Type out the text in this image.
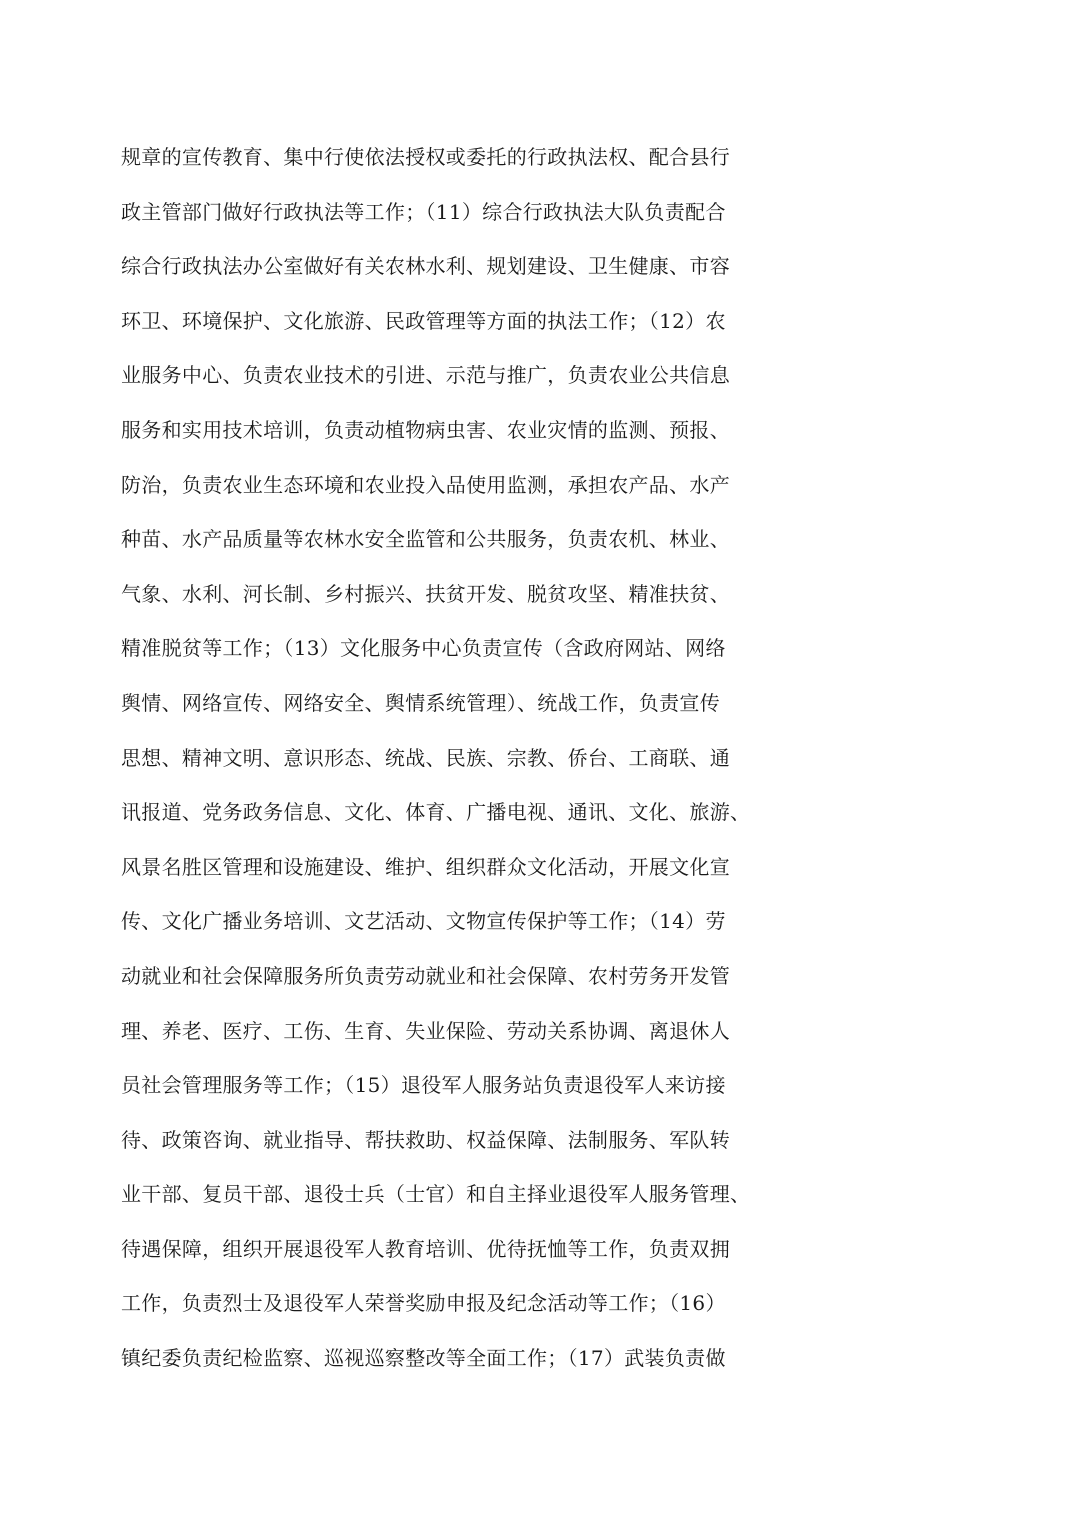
规章的宣传教育、集中行使依法授权或委托的行政执法权、配合县行
政主管部门做好行政执法等工作；（11）综合行政执法大队负责配合
综合行政执法办公室做好有关农林水利、规划建设、卫生健康、市容
环卫、环境保护、文化旅游、民政管理等方面的执法工作；（12）农
业服务中心、负责农业技术的引进、示范与推广，负责农业公共信息
服务和实用技术培训，负责动植物病虫害、农业灾情的监测、预报、
防治，负责农业生态环境和农业投入品使用监测，承担农产品、水产
种苗、水产品质量等农林水安全监管和公共服务，负责农机、林业、
气象、水利、河长制、乡村振兴、扶贫开发、脱贫攻坚、精准扶贫、
精准脱贫等工作；（13）文化服务中心负责宣传（含政府网站、网络
舆情、网络宣传、网络安全、舆情系统管理）、统战工作，负责宣传
思想、精神文明、意识形态、统战、民族、宗教、侨台、工商联、通
讯报道、党务政务信息、文化、体育、广播电视、通讯、文化、旅游、
风景名胜区管理和设施建设、维护、组织群众文化活动，开展文化宣
传、文化广播业务培训、文艺活动、文物宣传保护等工作；（14）劳
动就业和社会保障服务所负责劳动就业和社会保障、农村劳务开发管
理、养老、医疗、工伤、生育、失业保险、劳动关系协调、离退休人
员社会管理服务等工作；（15）退役军人服务站负责退役军人来访接
待、政策咨询、就业指导、帮扶救助、权益保障、法制服务、军队转
业干部、复员干部、退役士兵（士官）和自主择业退役军人服务管理、
待遇保障，组织开展退役军人教育培训、优待抚恤等工作，负责双拥
工作，负责烈士及退役军人荣誉奖励申报及纪念活动等工作；（16）
镇纪委负责纪检监察、巡视巡察整改等全面工作；（17）武装负责做
